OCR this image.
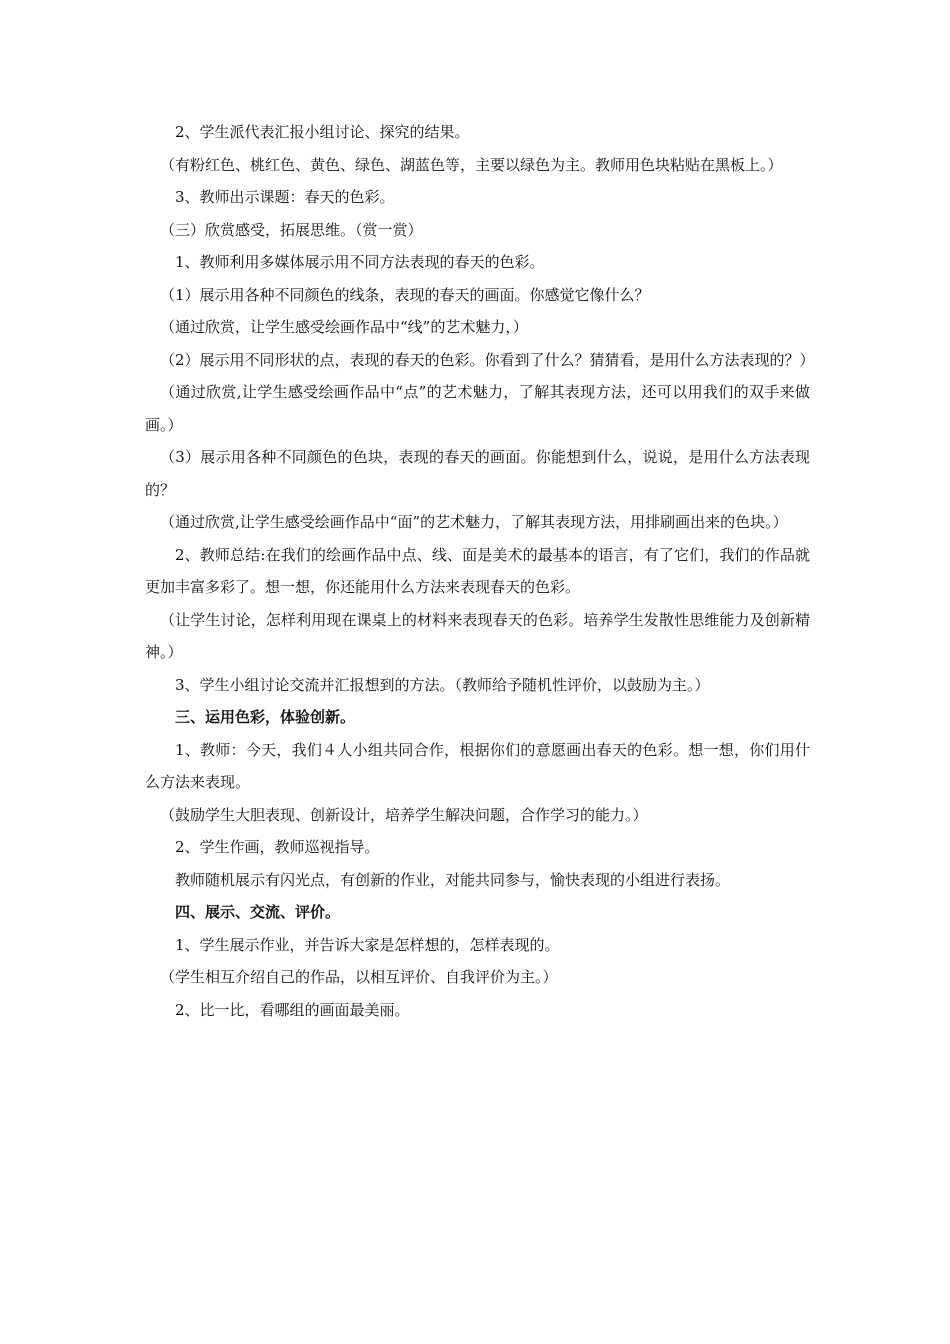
2、学生派代表汇报小组讨论、探究的结果。

（有粉红色、桃红色、黄色、绿色、湖蓝色等，主要以绿色为主。教师用色块粘贴在黑板上。）

3、教师出示课题：春天的色彩。

（三）欣赏感受，拓展思维。（赏一赏）

1、教师利用多媒体展示用不同方法表现的春天的色彩。

（1）展示用各种不同颜色的线条，表现的春天的画面。你感觉它像什么？

（通过欣赏，让学生感受绘画作品中“线”的艺术魅力，）

（2）展示用不同形状的点，表现的春天的色彩。你看到了什么？猜猜看，是用什么方法表现的？）

（通过欣赏,让学生感受绘画作品中“点”的艺术魅力，了解其表现方法，还可以用我们的双手来做画。）

（3）展示用各种不同颜色的色块，表现的春天的画面。你能想到什么，说说，是用什么方法表现的？

（通过欣赏,让学生感受绘画作品中“面”的艺术魅力，了解其表现方法，用排刷画出来的色块。）

2、教师总结:在我们的绘画作品中点、线、面是美术的最基本的语言，有了它们，我们的作品就更加丰富多彩了。想一想，你还能用什么方法来表现春天的色彩。

（让学生讨论，怎样利用现在课桌上的材料来表现春天的色彩。培养学生发散性思维能力及创新精神。）

3、学生小组讨论交流并汇报想到的方法。（教师给予随机性评价，以鼓励为主。）

三、运用色彩，体验创新。

1、教师：今天，我们４人小组共同合作，根据你们的意愿画出春天的色彩。想一想，你们用什么方法来表现。

（鼓励学生大胆表现、创新设计，培养学生解决问题，合作学习的能力。）

2、学生作画，教师巡视指导。

教师随机展示有闪光点，有创新的作业，对能共同参与，愉快表现的小组进行表扬。

四、展示、交流、评价。

1、学生展示作业，并告诉大家是怎样想的，怎样表现的。

（学生相互介绍自己的作品，以相互评价、自我评价为主。）

2、比一比，看哪组的画面最美丽。
